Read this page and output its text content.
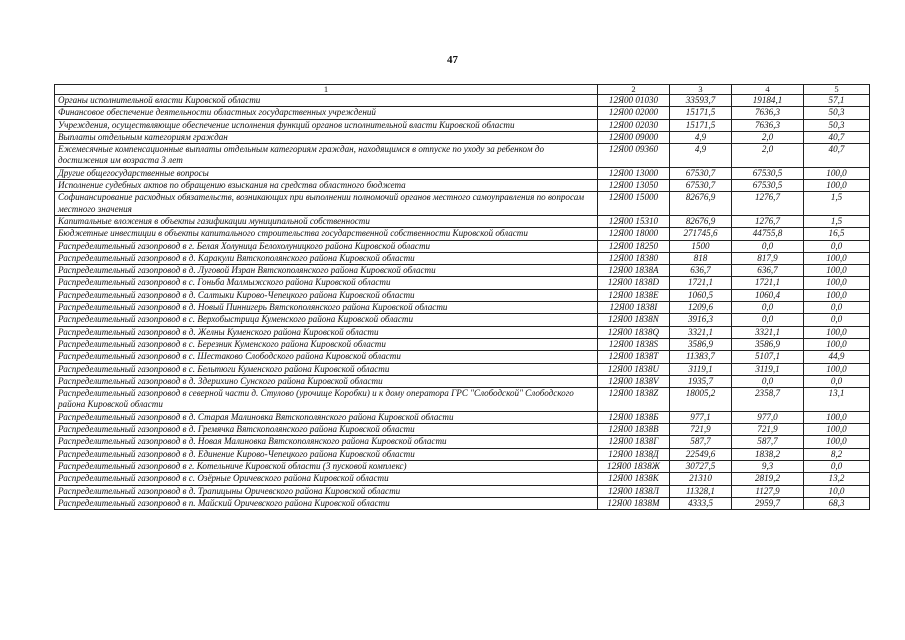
47
1	2	3	4	5
Органы исполнительной власти Кировской области	12Я00 01030	33593,7	19184,1	57,1
Финансовое обеспечение деятельности областных государственных учреждений	12Я00 02000	15171,5	7636,3	50,3
Учреждения, осуществляющие обеспечение исполнения функций органов исполнительной власти Кировской области	12Я00 02030	15171,5	7636,3	50,3
Выплаты отдельным категориям граждан	12Я00 09000	4,9	2,0	40,7
Ежемесячные компенсационные выплаты отдельным категориям граждан, находящимся в отпуске по уходу за ребенком до достижения им возраста 3 лет	12Я00 09360	4,9	2,0	40,7
Другие общегосударственные вопросы	12Я00 13000	67530,7	67530,5	100,0
Исполнение судебных актов по обращению взыскания на средства областного бюджета	12Я00 13050	67530,7	67530,5	100,0
Софинансирование расходных обязательств, возникающих при выполнении полномочий органов местного самоуправления по вопросам местного значения	12Я00 15000	82676,9	1276,7	1,5
Капитальные вложения в объекты газификации муниципальной собственности	12Я00 15310	82676,9	1276,7	1,5
Бюджетные инвестиции в объекты капитального строительства государственной собственности Кировской области	12Я00 18000	271745,6	44755,8	16,5
Распределительный газопровод в г. Белая Холуница Белохолуницкого района Кировской области	12Я00 18250	1500	0,0	0,0
Распределительный газопровод в д. Каракули Вятскополянского района Кировской области	12Я00 18380	818	817,9	100,0
Распределительный газопровод в д. Луговой Изран Вятскополянского района Кировской области	12Я00 1838A	636,7	636,7	100,0
Распределительный газопровод в с. Гоньба Малмыжского района Кировской области	12Я00 1838D	1721,1	1721,1	100,0
Распределительный газопровод в д. Салтыки Кирово-Чепецкого района Кировской области	12Я00 1838E	1060,5	1060,4	100,0
Распределительный газопровод в д. Новый Пиннигерь Вятскополянского района Кировской области	12Я00 1838I	1209,6	0,0	0,0
Распределительный газопровод в с. Верхобыстрица Куменского района Кировской области	12Я00 1838N	3916,3	0,0	0,0
Распределительный газопровод в д. Желны Куменского района Кировской области	12Я00 1838Q	3321,1	3321,1	100,0
Распределительный газопровод в с. Березник Куменского района Кировской области	12Я00 1838S	3586,9	3586,9	100,0
Распределительный газопровод в с. Шестаково Слободского района Кировской области	12Я00 1838T	11383,7	5107,1	44,9
Распределительный газопровод в с. Бельтюги Куменского района Кировской области	12Я00 1838U	3119,1	3119,1	100,0
Распределительный газопровод в д. Здерихино Сунского района Кировской области	12Я00 1838V	1935,7	0,0	0,0
Распределительный газопровод в северной части д. Стулово (урочище Коробки) и к дому оператора ГРС "Слободской" Слободского района Кировской области	12Я00 1838Z	18005,2	2358,7	13,1
Распределительный газопровод в д. Старая Малиновка Вятскополянского района Кировской области	12Я00 1838Б	977,1	977,0	100,0
Распределительный газопровод в д. Гремячка Вятскополянского района Кировской области	12Я00 1838В	721,9	721,9	100,0
Распределительный газопровод в д. Новая Малиновка Вятскополянского района Кировской области	12Я00 1838Г	587,7	587,7	100,0
Распределительный газопровод в д. Единение Кирово-Чепецкого района Кировской области	12Я00 1838Д	22549,6	1838,2	8,2
Распределительный газопровод в г. Котельниче Кировской области (3 пусковой комплекс)	12Я00 1838Ж	30727,5	9,3	0,0
Распределительный газопровод в с. Озёрные Оричевского района Кировской области	12Я00 1838К	21310	2819,2	13,2
Распределительный газопровод в д. Трапицыны Оричевского района Кировской области	12Я00 1838Л	11328,1	1127,9	10,0
Распределительный газопровод в п. Майский Оричевского района Кировской области	12Я00 1838М	4333,5	2959,7	68,3
